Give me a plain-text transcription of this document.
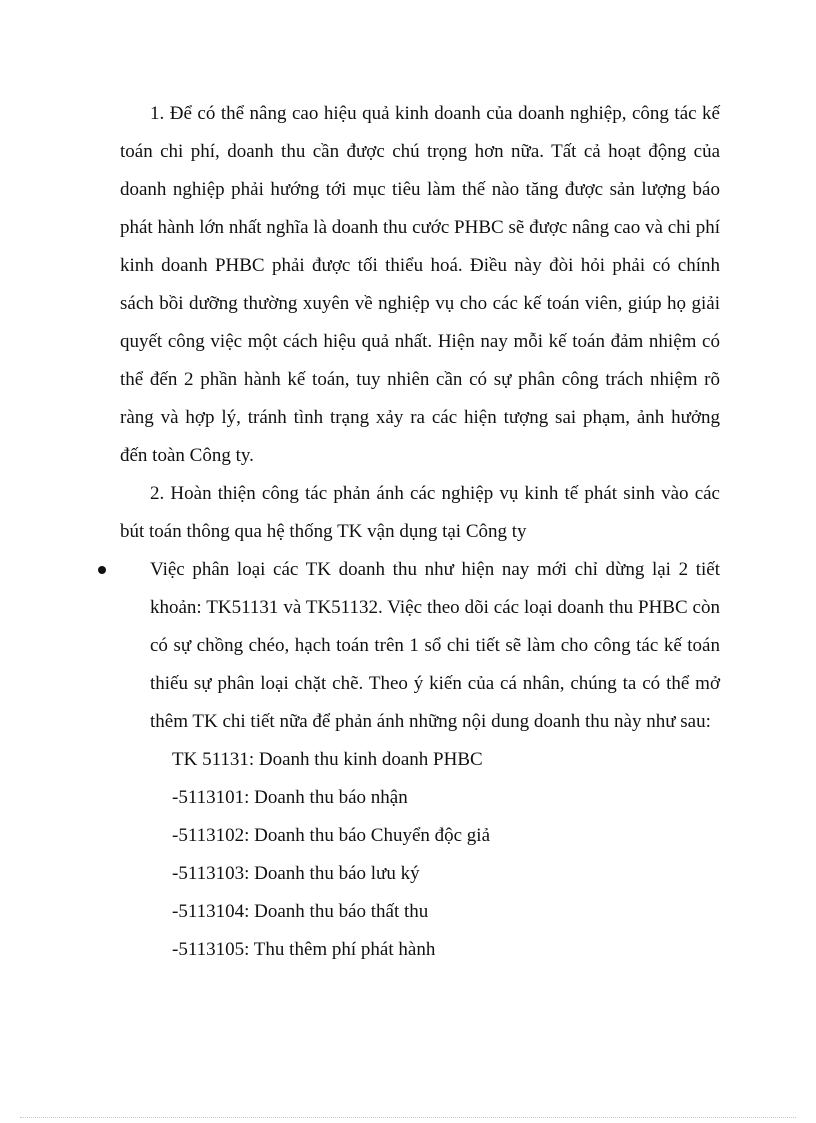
1. Để có thể nâng cao hiệu quả kinh doanh của doanh nghiệp, công tác kế toán chi phí, doanh thu cần được chú trọng hơn nữa. Tất cả hoạt động của doanh nghiệp phải hướng tới mục tiêu làm thế nào tăng được sản lượng báo phát hành lớn nhất nghĩa là doanh thu cước PHBC sẽ được nâng cao và chi phí kinh doanh PHBC phải được tối thiểu hoá. Điều này đòi hỏi phải có chính sách bồi dưỡng thường xuyên về nghiệp vụ cho các kế toán viên, giúp họ giải quyết công việc một cách hiệu quả nhất. Hiện nay mỗi kế toán đảm nhiệm có thể đến 2 phần hành kế toán, tuy nhiên cần có sự phân công trách nhiệm rõ ràng và hợp lý, tránh tình trạng xảy ra các hiện tượng sai phạm, ảnh hưởng đến toàn Công ty.

2. Hoàn thiện công tác phản ánh các nghiệp vụ kinh tế phát sinh vào các bút toán thông qua hệ thống TK vận dụng tại Công ty

Việc phân loại các TK doanh thu như hiện nay mới chỉ dừng lại 2 tiết khoản: TK51131 và TK51132. Việc theo dõi các loại doanh thu PHBC còn có sự chồng chéo, hạch toán trên 1 sổ chi tiết sẽ làm cho công tác kế toán thiếu sự phân loại chặt chẽ. Theo ý kiến của cá nhân, chúng ta có thể mở thêm TK chi tiết nữa để phản ánh những nội dung doanh thu này như sau:

TK 51131: Doanh thu kinh doanh PHBC
-5113101: Doanh thu báo nhận
-5113102: Doanh thu báo Chuyển độc giả
-5113103: Doanh thu báo lưu ký
-5113104: Doanh thu báo thất thu
-5113105: Thu thêm phí phát hành
